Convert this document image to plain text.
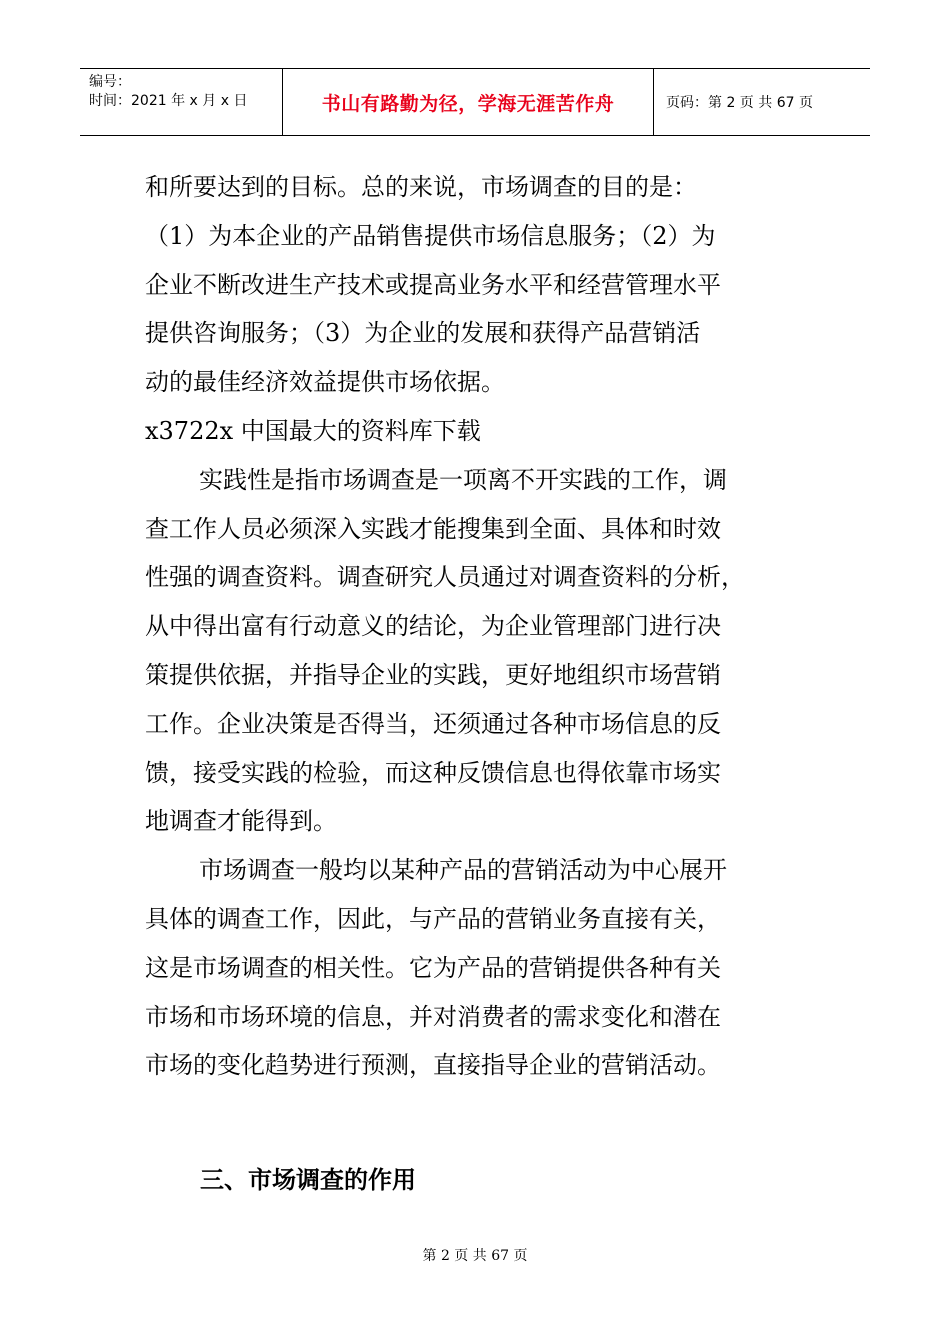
编号：
时间：2021 年 x 月 x 日	书山有路勤为径，学海无涯苦作舟	页码：第 2 页 共 67 页

和所要达到的目标。总的来说，市场调查的目的是：

（1）为本企业的产品销售提供市场信息服务；（2）为

企业不断改进生产技术或提高业务水平和经营管理水平

提供咨询服务；（3）为企业的发展和获得产品营销活

动的最佳经济效益提供市场依据。

x3722x 中国最大的资料库下载

实践性是指市场调查是一项离不开实践的工作，调

查工作人员必须深入实践才能搜集到全面、具体和时效

性强的调查资料。调查研究人员通过对调查资料的分析，

从中得出富有行动意义的结论，为企业管理部门进行决

策提供依据，并指导企业的实践，更好地组织市场营销

工作。企业决策是否得当，还须通过各种市场信息的反

馈，接受实践的检验，而这种反馈信息也得依靠市场实

地调查才能得到。

市场调查一般均以某种产品的营销活动为中心展开

具体的调查工作，因此，与产品的营销业务直接有关，

这是市场调查的相关性。它为产品的营销提供各种有关

市场和市场环境的信息，并对消费者的需求变化和潜在

市场的变化趋势进行预测，直接指导企业的营销活动。

三、市场调查的作用
第 2 页 共 67 页
